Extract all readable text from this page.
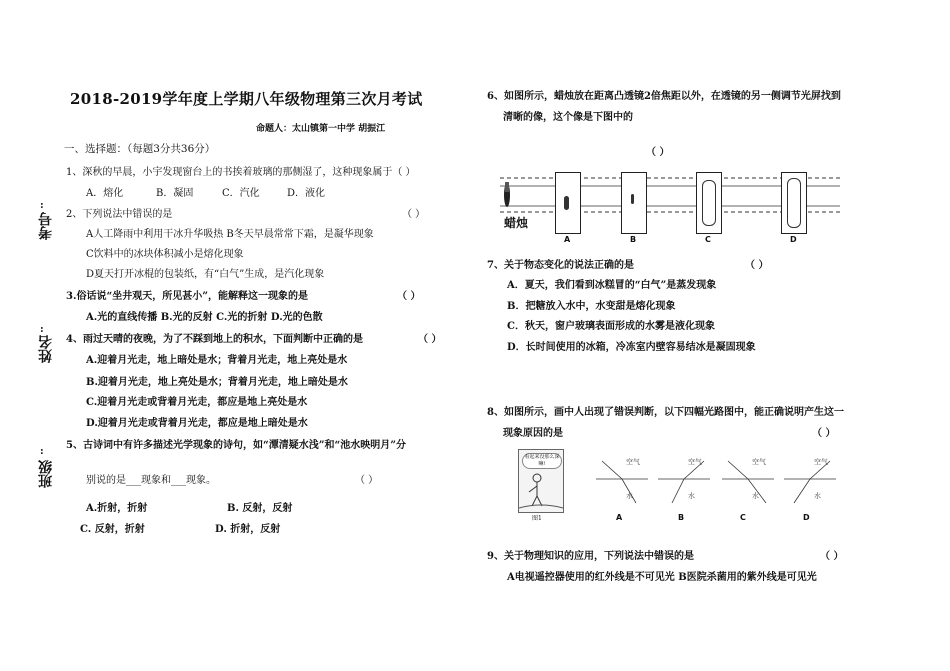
考号
:
姓名
:
班级
:
2018-2019学年度上学期八年级物理第三次月考试
命题人：太山镇第一中学 胡振江
一、选择题：（每题3分共36分）
1、深秋的早晨，小宇发现窗台上的书挨着玻璃的那侧湿了，这种现象属于（ ）
A．熔化	B．凝固	C．汽化	D．液化
2、下列说法中错误的是	（ ）
A人工降雨中利用干冰升华吸热 B冬天早晨常常下霜，是凝华现象
C饮料中的冰块体积减小是熔化现象
D夏天打开冰棍的包装纸，有“白气”生成，是汽化现象
3.俗话说“坐井观天，所见甚小”，能解释这一现象的是	（ ）
A.光的直线传播 B.光的反射 C.光的折射 D.光的色散
4、雨过天晴的夜晚，为了不踩到地上的积水，下面判断中正确的是	（ ）
A.迎着月光走，地上暗处是水；背着月光走，地上亮处是水
B.迎着月光走，地上亮处是水；背着月光走，地上暗处是水
C.迎着月光走或背着月光走，都应是地上亮处是水
D.迎着月光走或背着月光走，都应是地上暗处是水
5、古诗词中有许多描述光学现象的诗句，如“潭清疑水浅”和“池水映明月”分
别说的是___现象和___现象。	（ ）
A.折射，折射	B. 反射，反射
C. 反射，折射	D. 折射，反射
6、如图所示，蜡烛放在距离凸透镜2倍焦距以外，在透镜的另一侧调节光屏找到
清晰的像，这个像是下图中的
（ ）
蜡烛
A	B	C	D
7、关于物态变化的说法正确的是	（ ）
A．夏天，我们看到冰糕冒的“白气”是蒸发现象
B．把糖放入水中，水变甜是熔化现象
C．秋天，窗户玻璃表面形成的水雾是液化现象
D．长时间使用的冰箱，冷冻室内壁容易结冰是凝固现象
8、如图所示，画中人出现了错误判断，以下四幅光路图中，能正确说明产生这一
现象原因的是	（ ）
看起来没那么深嘛!
图1
空气
水
空气
水
空气
水
空气
水
A	B	C	D
9、关于物理知识的应用，下列说法中错误的是	（ ）
A电视遥控器使用的红外线是不可见光 B医院杀菌用的紫外线是可见光
